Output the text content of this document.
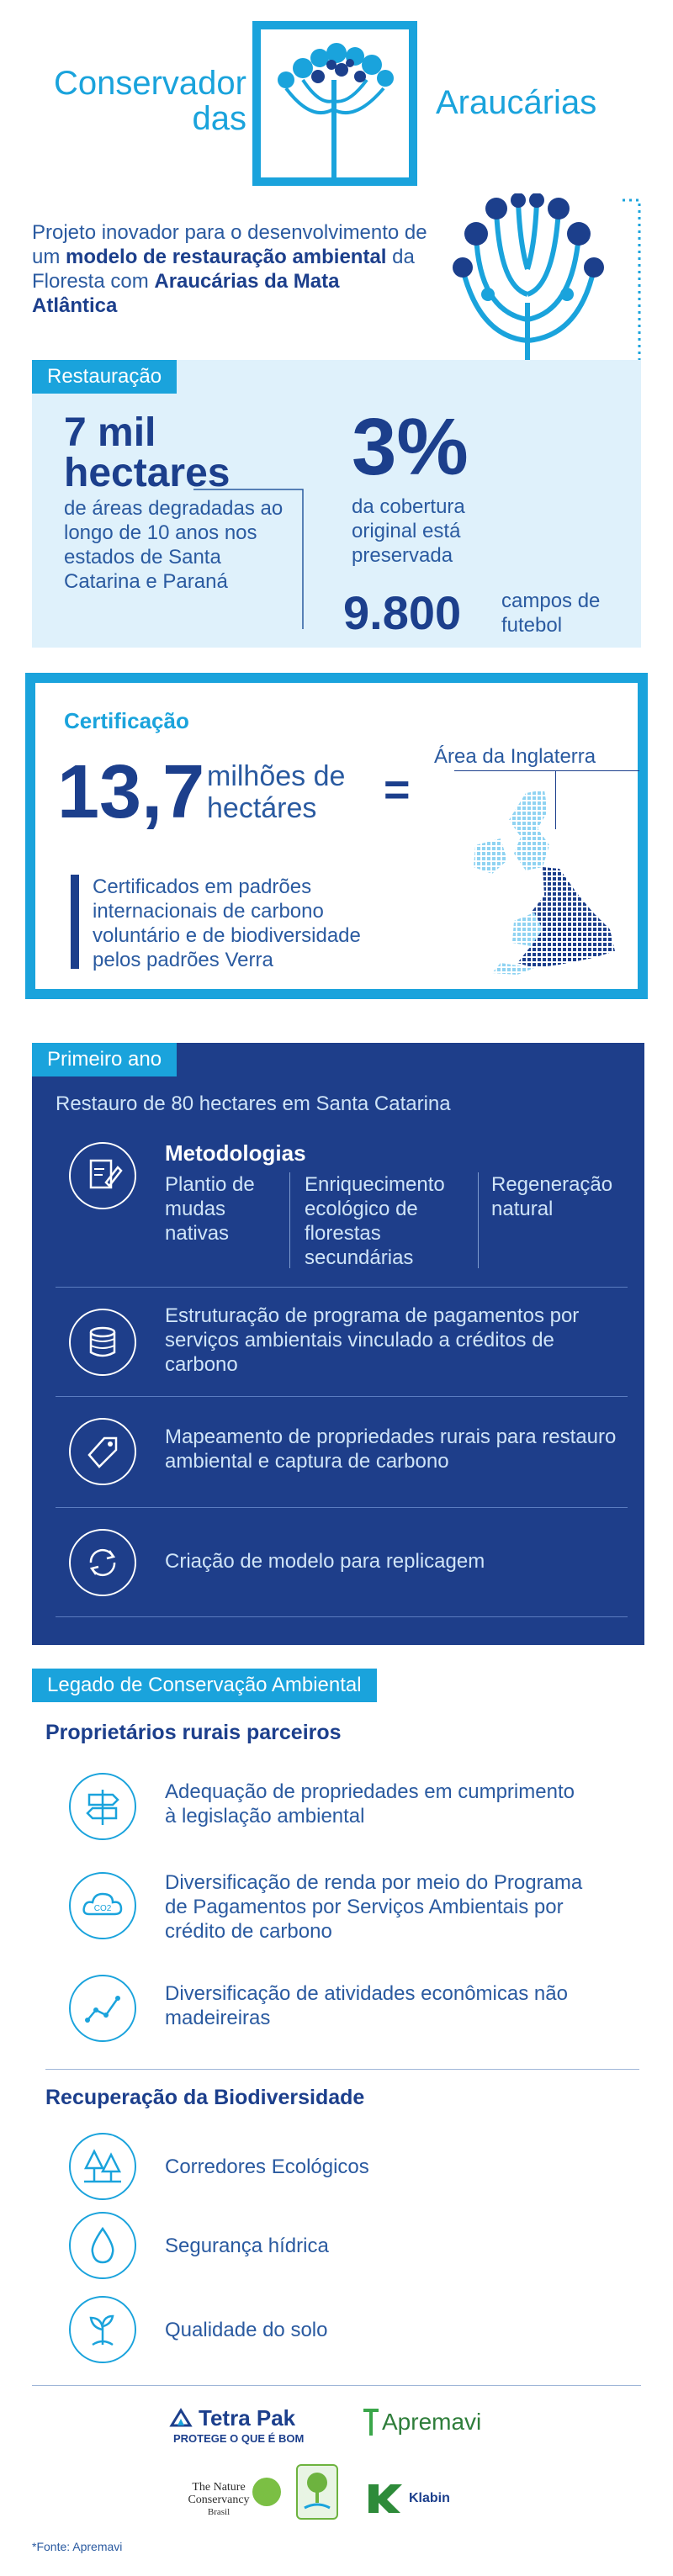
Conservador
das	Araucárias
Projeto inovador para o desenvolvimento de um modelo de restauração ambiental da Floresta com Araucárias da Mata Atlântica
Restauração
7 mil
hectares
de áreas degradadas ao longo de 10 anos nos estados de Santa Catarina e Paraná
3%
da cobertura original está preservada
9.800 campos de futebol
Certificação
13,7 milhões de hectáres	=
Área da Inglaterra
Certificados em padrões internacionais de carbono voluntário e de biodiversidade pelos padrões Verra
Primeiro ano
Restauro de 80 hectares em Santa Catarina
Metodologias
Plantio de mudas nativas
Enriquecimento ecológico de florestas secundárias
Regeneração natural
Estruturação de programa de pagamentos por serviços ambientais vinculado a créditos de carbono
Mapeamento de propriedades rurais para restauro ambiental e captura de carbono
Criação de modelo para replicagem
Legado de Conservação Ambiental
Proprietários rurais parceiros
Adequação de propriedades em cumprimento à legislação ambiental
CO2
Diversificação de renda por meio do Programa de Pagamentos por Serviços Ambientais por crédito de carbono
Diversificação de atividades econômicas não madeireiras
Recuperação da Biodiversidade
Corredores Ecológicos
Segurança hídrica
Qualidade do solo
Tetra Pak
PROTEGE O QUE É BOM
Apremavi
The Nature
Conservancy
Brasil
Klabin
*Fonte: Apremavi
